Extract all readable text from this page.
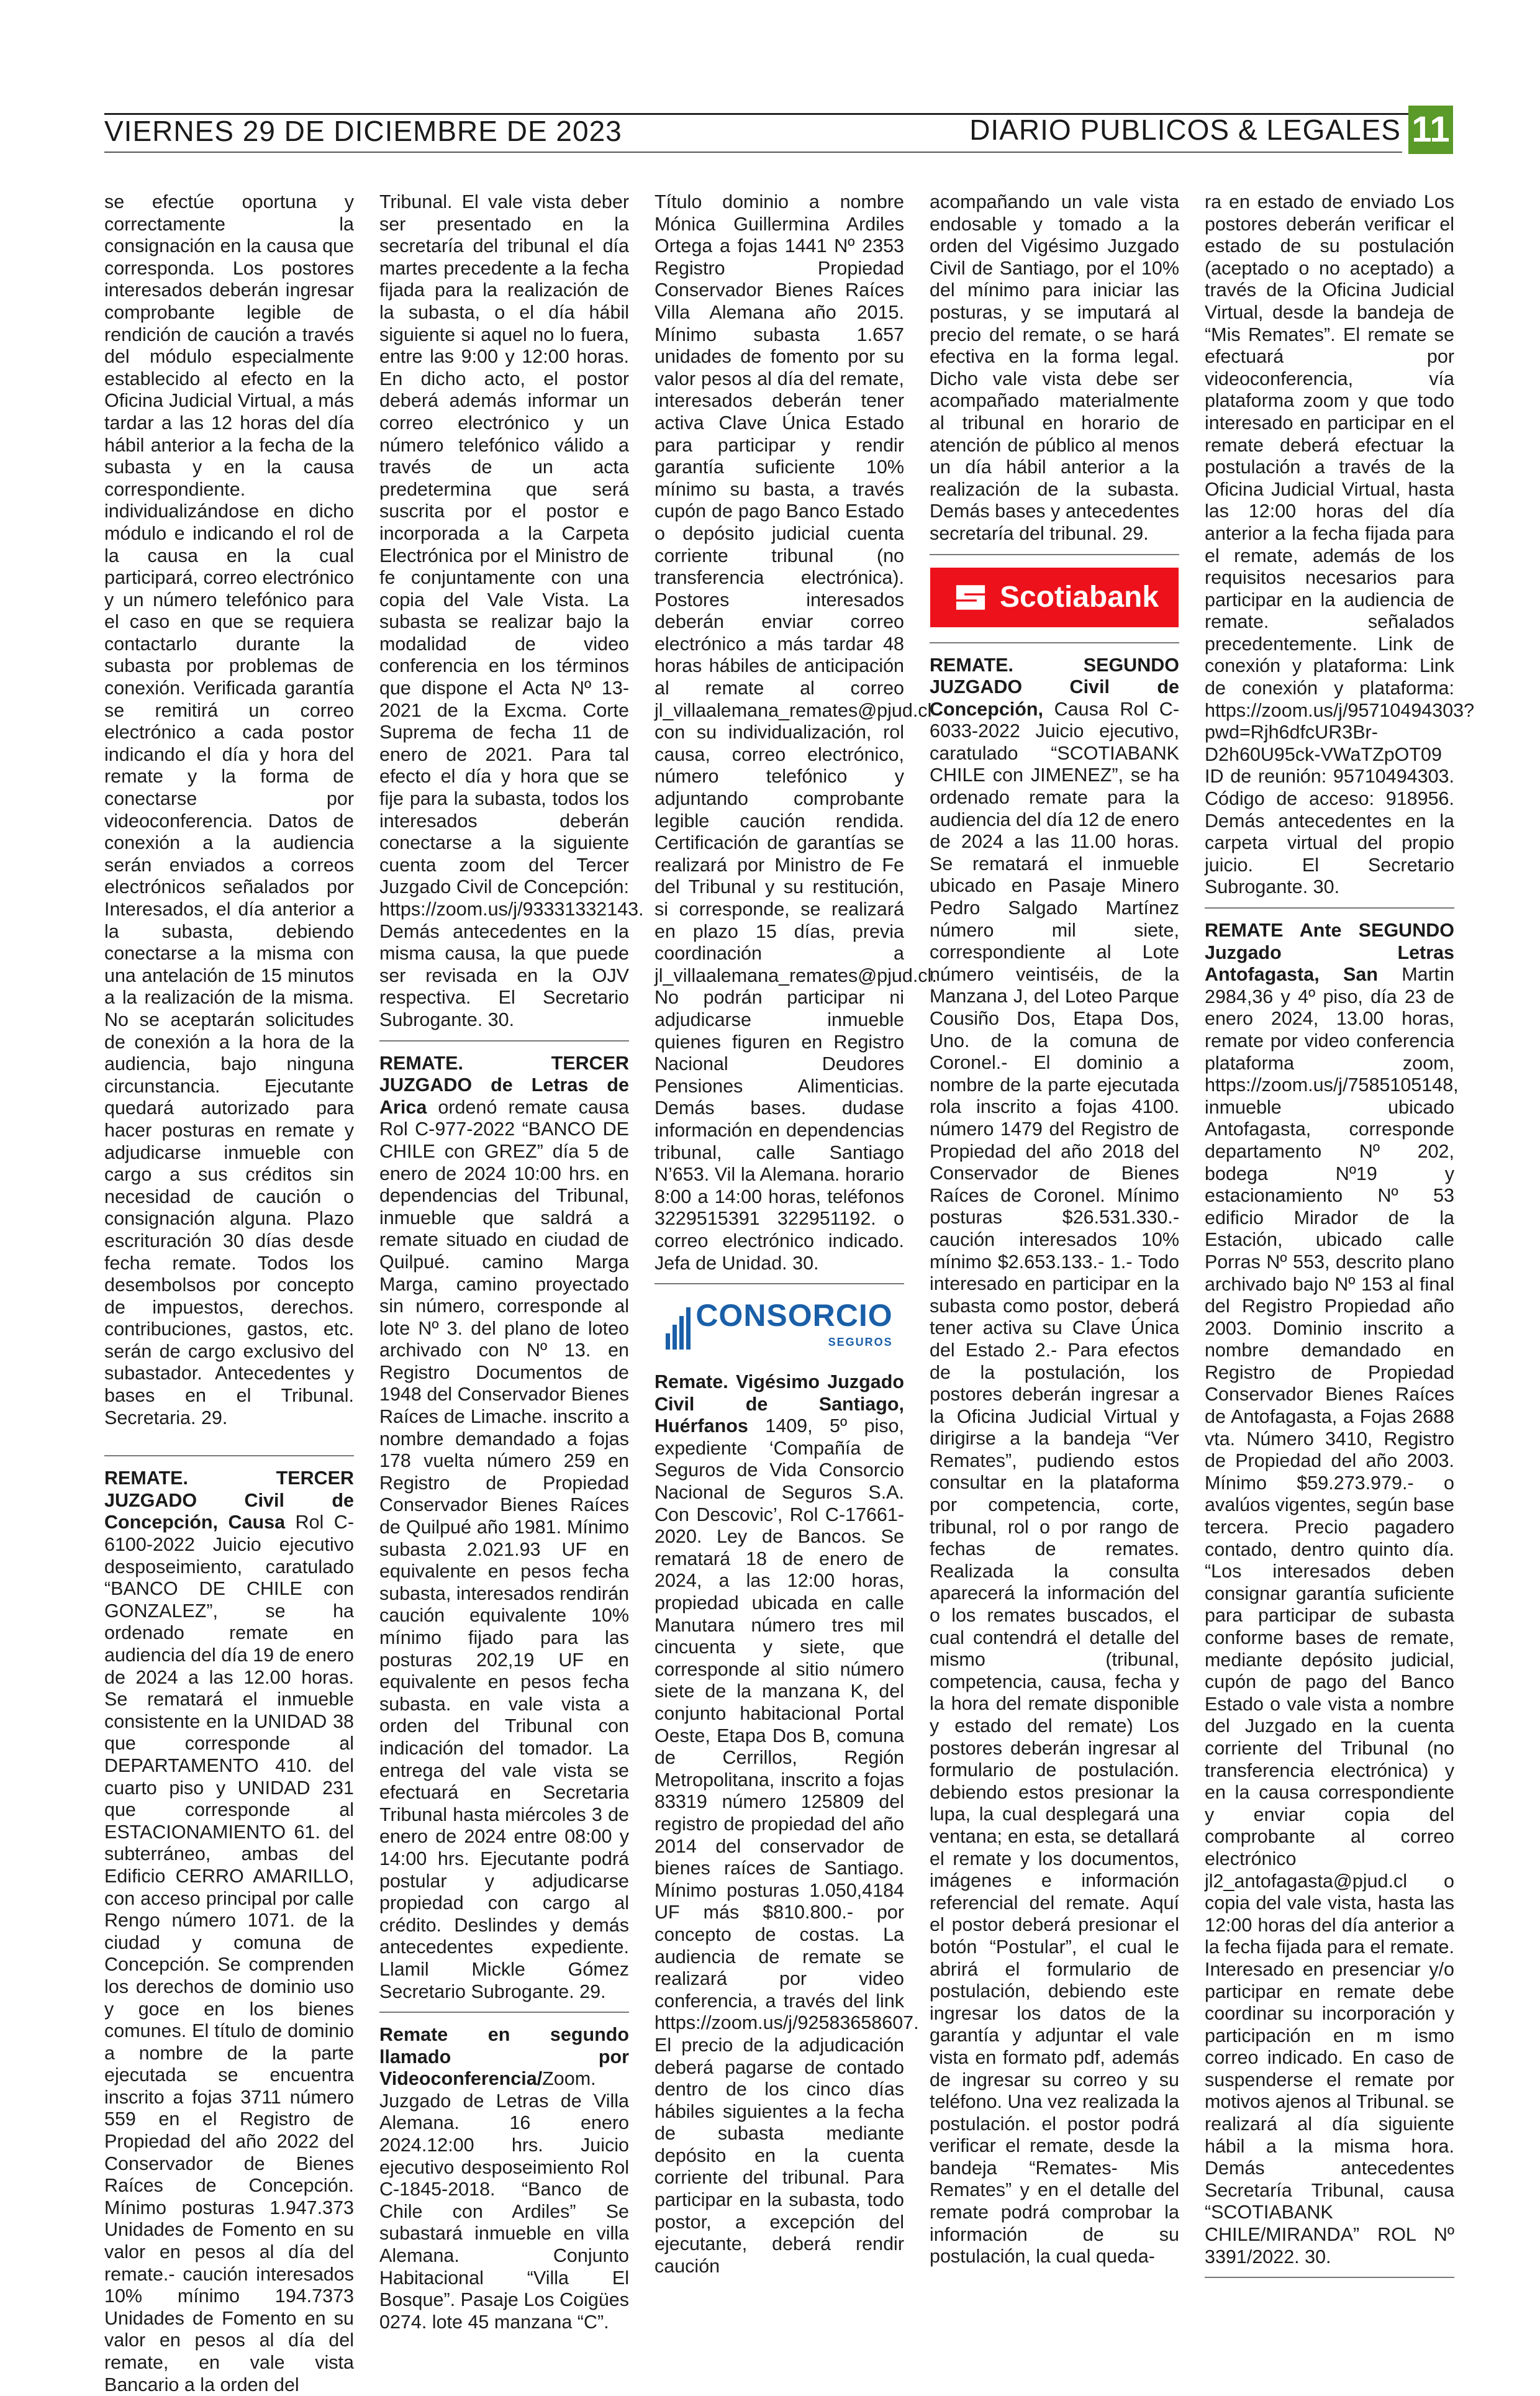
VIERNES 29 DE DICIEMBRE DE 2023	DIARIO PUBLICOS & LEGALES 11

se efectúe oportuna y correctamente la consignación en la causa que corresponda. Los postores interesados deberán ingresar comprobante legible de rendición de caución a través del módulo especialmente establecido al efecto en la Oficina Judicial Virtual, a más tardar a las 12 horas del día hábil anterior a la fecha de la subasta y en la causa correspondiente. individualizándose en dicho módulo e indicando el rol de la causa en la cual participará, correo electrónico y un número telefónico para el caso en que se requiera contactarlo durante la subasta por problemas de conexión. Verificada garantía se remitirá un correo electrónico a cada postor indicando el día y hora del remate y la forma de conectarse por videoconferencia. Datos de conexión a la audiencia serán enviados a correos electrónicos señalados por Interesados, el día anterior a la subasta, debiendo conectarse a la misma con una antelación de 15 minutos a la realización de la misma. No se aceptarán solicitudes de conexión a la hora de la audiencia, bajo ninguna circunstancia. Ejecutante quedará autorizado para hacer posturas en remate y adjudicarse inmueble con cargo a sus créditos sin necesidad de caución o consignación alguna. Plazo escrituración 30 días desde fecha remate. Todos los desembolsos por concepto de impuestos, derechos. contribuciones, gastos, etc. serán de cargo exclusivo del subastador. Antecedentes y bases en el Tribunal. Secretaria. 29.

REMATE. TERCER JUZGADO Civil de Concepción, Causa Rol C-6100-2022 Juicio ejecutivo desposeimiento, caratulado “BANCO DE CHILE con GONZALEZ”, se ha ordenado remate en audiencia del día 19 de enero de 2024 a las 12.00 horas. Se rematará el inmueble consistente en la UNIDAD 38 que corresponde al DEPARTAMENTO 410. del cuarto piso y UNIDAD 231 que corresponde al ESTACIONAMIENTO 61. del subterráneo, ambas del Edificio CERRO AMARILLO, con acceso principal por calle Rengo número 1071. de la ciudad y comuna de Concepción. Se comprenden los derechos de dominio uso y goce en los bienes comunes. El título de dominio a nombre de la parte ejecutada se encuentra inscrito a fojas 3711 número 559 en el Registro de Propiedad del año 2022 del Conservador de Bienes Raíces de Concepción. Mínimo posturas 1.947.373 Unidades de Fomento en su valor en pesos al día del remate.- caución interesados 10% mínimo 194.7373 Unidades de Fomento en su valor en pesos al día del remate, en vale vista Bancario a la orden del

Tribunal. El vale vista deber ser presentado en la secretaría del tribunal el día martes precedente a la fecha fijada para la realización de la subasta, o el día hábil siguiente si aquel no lo fuera, entre las 9:00 y 12:00 horas. En dicho acto, el postor deberá además informar un correo electrónico y un número telefónico válido a través de un acta predetermina que será suscrita por el postor e incorporada a la Carpeta Electrónica por el Ministro de fe conjuntamente con una copia del Vale Vista. La subasta se realizar bajo la modalidad de video conferencia en los términos que dispone el Acta Nº 13-2021 de la Excma. Corte Suprema de fecha 11 de enero de 2021. Para tal efecto el día y hora que se fije para la subasta, todos los interesados deberán conectarse a la siguiente cuenta zoom del Tercer Juzgado Civil de Concepción: https://zoom.us/j/93331332143. Demás antecedentes en la misma causa, la que puede ser revisada en la OJV respectiva. El Secretario Subrogante. 30.

REMATE. TERCER JUZGADO de Letras de Arica ordenó remate causa Rol C-977-2022 “BANCO DE CHILE con GREZ” día 5 de enero de 2024 10:00 hrs. en dependencias del Tribunal, inmueble que saldrá a remate situado en ciudad de Quilpué. camino Marga Marga, camino proyectado sin número, corresponde al lote Nº 3. del plano de loteo archivado con Nº 13. en Registro Documentos de 1948 del Conservador Bienes Raíces de Limache. inscrito a nombre demandado a fojas 178 vuelta número 259 en Registro de Propiedad Conservador Bienes Raíces de Quilpué año 1981. Mínimo subasta 2.021.93 UF en equivalente en pesos fecha subasta, interesados rendirán caución equivalente 10% mínimo fijado para las posturas 202,19 UF en equivalente en pesos fecha subasta. en vale vista a orden del Tribunal con indicación del tomador. La entrega del vale vista se efectuará en Secretaria Tribunal hasta miércoles 3 de enero de 2024 entre 08:00 y 14:00 hrs. Ejecutante podrá postular y adjudicarse propiedad con cargo al crédito. Deslindes y demás antecedentes expediente. Llamil Mickle Gómez Secretario Subrogante. 29.

Remate en segundo llamado por Videoconferencia/Zoom. Juzgado de Letras de Villa Alemana. 16 enero 2024.12:00 hrs. Juicio ejecutivo desposeimiento Rol C-1845-2018. “Banco de Chile con Ardiles” Se subastará inmueble en villa Alemana. Conjunto Habitacional “Villa El Bosque”. Pasaje Los Coigües 0274. lote 45 manzana “C”.

Título dominio a nombre Mónica Guillermina Ardiles Ortega a fojas 1441 Nº 2353 Registro Propiedad Conservador Bienes Raíces Villa Alemana año 2015. Mínimo subasta 1.657 unidades de fomento por su valor pesos al día del remate, interesados deberán tener activa Clave Única Estado para participar y rendir garantía suficiente 10% mínimo su basta, a través cupón de pago Banco Estado o depósito judicial cuenta corriente tribunal (no transferencia electrónica). Postores interesados deberán enviar correo electrónico a más tardar 48 horas hábiles de anticipación al remate al correo jl_villaalemana_remates@pjud.cl con su individualización, rol causa, correo electrónico, número telefónico y adjuntando comprobante legible caución rendida. Certificación de garantías se realizará por Ministro de Fe del Tribunal y su restitución, si corresponde, se realizará en plazo 15 días, previa coordinación a jl_villaalemana_remates@pjud.cl. No podrán participar ni adjudicarse inmueble quienes figuren en Registro Nacional Deudores Pensiones Alimenticias. Demás bases. dudase información en dependencias tribunal, calle Santiago N’653. Vil la Alemana. horario 8:00 a 14:00 horas, teléfonos 3229515391 322951192. o correo electrónico indicado. Jefa de Unidad. 30.

CONSORCIO
SEGUROS

Remate. Vigésimo Juzgado Civil de Santiago, Huérfanos 1409, 5º piso, expediente ‘Compañía de Seguros de Vida Consorcio Nacional de Seguros S.A. Con Descovic’, Rol C-17661-2020. Ley de Bancos. Se rematará 18 de enero de 2024, a las 12:00 horas, propiedad ubicada en calle Manutara número tres mil cincuenta y siete, que corresponde al sitio número siete de la manzana K, del conjunto habitacional Portal Oeste, Etapa Dos B, comuna de Cerrillos, Región Metropolitana, inscrito a fojas 83319 número 125809 del registro de propiedad del año 2014 del conservador de bienes raíces de Santiago. Mínimo posturas 1.050,4184 UF más $810.800.- por concepto de costas. La audiencia de remate se realizará por video conferencia, a través del link https://zoom.us/j/92583658607. El precio de la adjudicación deberá pagarse de contado dentro de los cinco días hábiles siguientes a la fecha de subasta mediante depósito en la cuenta corriente del tribunal. Para participar en la subasta, todo postor, a excepción del ejecutante, deberá rendir caución

acompañando un vale vista endosable y tomado a la orden del Vigésimo Juzgado Civil de Santiago, por el 10% del mínimo para iniciar las posturas, y se imputará al precio del remate, o se hará efectiva en la forma legal. Dicho vale vista debe ser acompañado materialmente al tribunal en horario de atención de público al menos un día hábil anterior a la realización de la subasta. Demás bases y antecedentes secretaría del tribunal. 29.

Scotiabank

REMATE. SEGUNDO JUZGADO Civil de Concepción, Causa Rol C-6033-2022 Juicio ejecutivo, caratulado “SCOTIABANK CHILE con JIMENEZ”, se ha ordenado remate para la audiencia del día 12 de enero de 2024 a las 11.00 horas. Se rematará el inmueble ubicado en Pasaje Minero Pedro Salgado Martínez número mil siete, correspondiente al Lote número veintiséis, de la Manzana J, del Loteo Parque Cousiño Dos, Etapa Dos, Uno. de la comuna de Coronel.- El dominio a nombre de la parte ejecutada rola inscrito a fojas 4100. número 1479 del Registro de Propiedad del año 2018 del Conservador de Bienes Raíces de Coronel. Mínimo posturas $26.531.330.- caución interesados 10% mínimo $2.653.133.- 1.- Todo interesado en participar en la subasta como postor, deberá tener activa su Clave Única del Estado 2.- Para efectos de la postulación, los postores deberán ingresar a la Oficina Judicial Virtual y dirigirse a la bandeja “Ver Remates”, pudiendo estos consultar en la plataforma por competencia, corte, tribunal, rol o por rango de fechas de remates. Realizada la consulta aparecerá la información del o los remates buscados, el cual contendrá el detalle del mismo (tribunal, competencia, causa, fecha y la hora del remate disponible y estado del remate) Los postores deberán ingresar al formulario de postulación. debiendo estos presionar la lupa, la cual desplegará una ventana; en esta, se detallará el remate y los documentos, imágenes e información referencial del remate. Aquí el postor deberá presionar el botón “Postular”, el cual le abrirá el formulario de postulación, debiendo este ingresar los datos de la garantía y adjuntar el vale vista en formato pdf, además de ingresar su correo y su teléfono. Una vez realizada la postulación. el postor podrá verificar el remate, desde la bandeja “Remates- Mis Remates” y en el detalle del remate podrá comprobar la información de su postulación, la cual queda-

ra en estado de enviado Los postores deberán verificar el estado de su postulación (aceptado o no aceptado) a través de la Oficina Judicial Virtual, desde la bandeja de “Mis Remates”. El remate se efectuará por videoconferencia, vía plataforma zoom y que todo interesado en participar en el remate deberá efectuar la postulación a través de la Oficina Judicial Virtual, hasta las 12:00 horas del día anterior a la fecha fijada para el remate, además de los requisitos necesarios para participar en la audiencia de remate. señalados precedentemente. Link de conexión y plataforma: Link de conexión y plataforma: https://zoom.us/j/95710494303?pwd=Rjh6dfcUR3Br-D2h60U95ck-VWaTZpOT09 ID de reunión: 95710494303. Código de acceso: 918956. Demás antecedentes en la carpeta virtual del propio juicio. El Secretario Subrogante. 30.

REMATE Ante SEGUNDO Juzgado Letras Antofagasta, San Martin 2984,36 y 4º piso, día 23 de enero 2024, 13.00 horas, remate por video conferencia plataforma zoom, https://zoom.us/j/7585105148, inmueble ubicado Antofagasta, corresponde departamento Nº 202, bodega Nº19 y estacionamiento Nº 53 edificio Mirador de la Estación, ubicado calle Porras Nº 553, descrito plano archivado bajo Nº 153 al final del Registro Propiedad año 2003. Dominio inscrito a nombre demandado en Registro de Propiedad Conservador Bienes Raíces de Antofagasta, a Fojas 2688 vta. Número 3410, Registro de Propiedad del año 2003. Mínimo $59.273.979.- o avalúos vigentes, según base tercera. Precio pagadero contado, dentro quinto día. “Los interesados deben consignar garantía suficiente para participar de subasta conforme bases de remate, mediante depósito judicial, cupón de pago del Banco Estado o vale vista a nombre del Juzgado en la cuenta corriente del Tribunal (no transferencia electrónica) y en la causa correspondiente y enviar copia del comprobante al correo electrónico jl2_antofagasta@pjud.cl o copia del vale vista, hasta las 12:00 horas del día anterior a la fecha fijada para el remate. Interesado en presenciar y/o participar en remate debe coordinar su incorporación y participación en m ismo correo indicado. En caso de suspenderse el remate por motivos ajenos al Tribunal. se realizará al día siguiente hábil a la misma hora. Demás antecedentes Secretaría Tribunal, causa “SCOTIABANK CHILE/MIRANDA” ROL Nº 3391/2022. 30.
